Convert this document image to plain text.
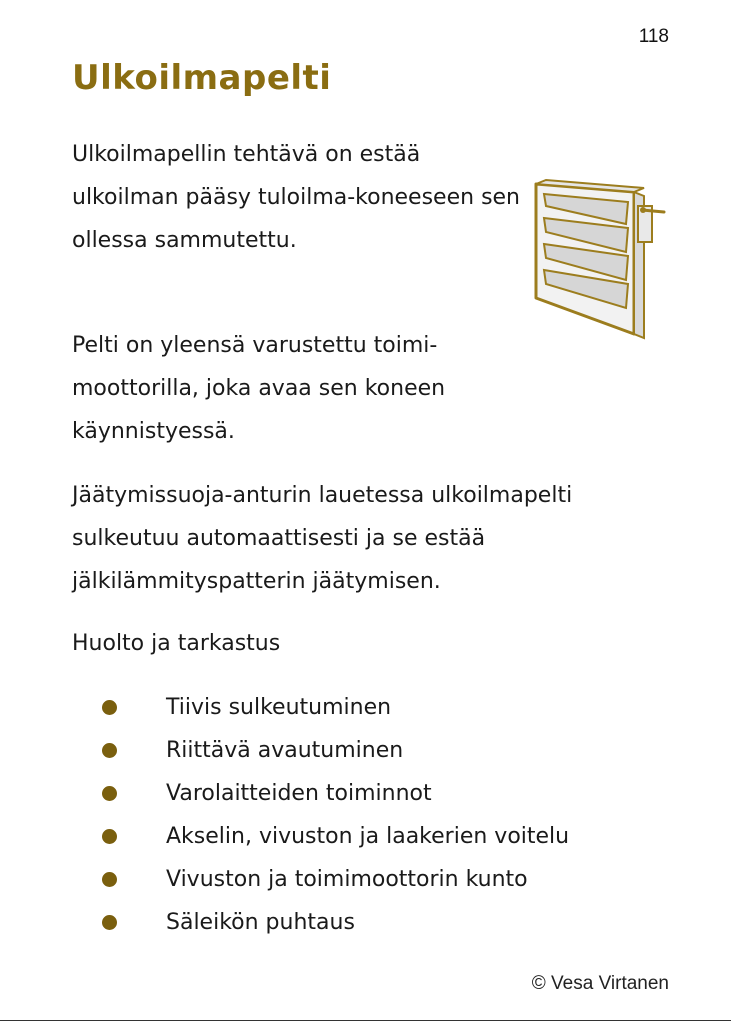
118
Ulkoilmapelti

Ulkoilmapellin tehtävä on estää ulkoilman pääsy tuloilma-koneeseen sen ollessa sammutettu.

Pelti on yleensä varustettu toimi-moottorilla, joka avaa sen koneen käynnistyessä.

Jäätymissuoja-anturin lauetessa ulkoilmapelti sulkeutuu automaattisesti ja se estää jälkilämmityspatterin jäätymisen.

Huolto ja tarkastus

Tiivis sulkeutuminen
Riittävä avautuminen
Varolaitteiden toiminnot
Akselin, vivuston ja laakerien voitelu
Vivuston ja toimimoottorin kunto
Säleikön puhtaus
© Vesa Virtanen
